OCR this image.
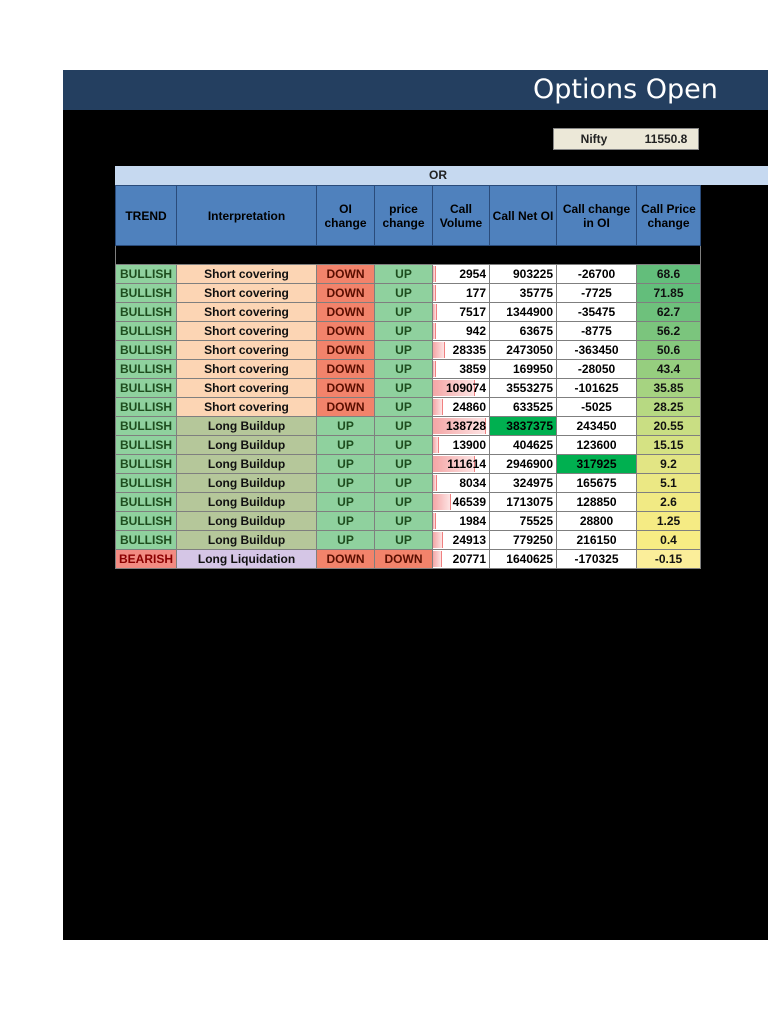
Options Open
Nifty	11550.8
OR
TREND	Interpretation	OI change	price change	Call Volume	Call Net OI	Call change in OI	Call Price change

BULLISH	Short covering	DOWN	UP	2954	903225	-26700	68.6
BULLISH	Short covering	DOWN	UP	177	35775	-7725	71.85
BULLISH	Short covering	DOWN	UP	7517	1344900	-35475	62.7
BULLISH	Short covering	DOWN	UP	942	63675	-8775	56.2
BULLISH	Short covering	DOWN	UP	28335	2473050	-363450	50.6
BULLISH	Short covering	DOWN	UP	3859	169950	-28050	43.4
BULLISH	Short covering	DOWN	UP	109074	3553275	-101625	35.85
BULLISH	Short covering	DOWN	UP	24860	633525	-5025	28.25
BULLISH	Long Buildup	UP	UP	138728	3837375	243450	20.55
BULLISH	Long Buildup	UP	UP	13900	404625	123600	15.15
BULLISH	Long Buildup	UP	UP	111614	2946900	317925	9.2
BULLISH	Long Buildup	UP	UP	8034	324975	165675	5.1
BULLISH	Long Buildup	UP	UP	46539	1713075	128850	2.6
BULLISH	Long Buildup	UP	UP	1984	75525	28800	1.25
BULLISH	Long Buildup	UP	UP	24913	779250	216150	0.4
BEARISH	Long Liquidation	DOWN	DOWN	20771	1640625	-170325	-0.15
